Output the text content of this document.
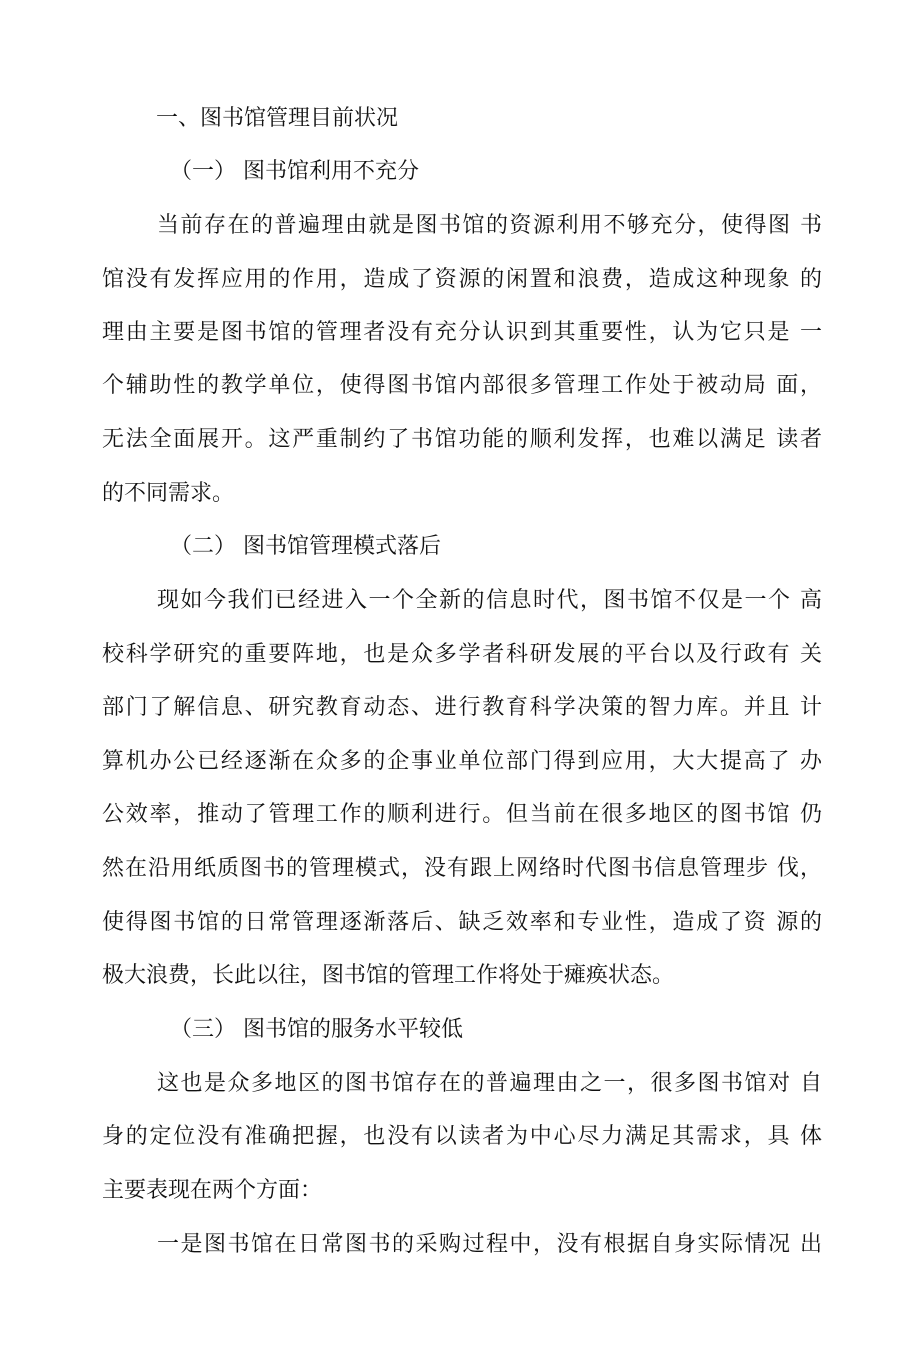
一、图书馆管理目前状况
（一） 图书馆利用不充分
当前存在的普遍理由就是图书馆的资源利用不够充分，使得图 书
馆没有发挥应用的作用，造成了资源的闲置和浪费，造成这种现象 的
理由主要是图书馆的管理者没有充分认识到其重要性，认为它只是 一
个辅助性的教学单位，使得图书馆内部很多管理工作处于被动局 面，
无法全面展开。这严重制约了书馆功能的顺利发挥，也难以满足 读者
的不同需求。
（二） 图书馆管理模式落后
现如今我们已经进入一个全新的信息时代，图书馆不仅是一个 高
校科学研究的重要阵地，也是众多学者科研发展的平台以及行政有 关
部门了解信息、研究教育动态、进行教育科学决策的智力库。并且 计
算机办公已经逐渐在众多的企事业单位部门得到应用，大大提高了 办
公效率，推动了管理工作的顺利进行。但当前在很多地区的图书馆 仍
然在沿用纸质图书的管理模式，没有跟上网络时代图书信息管理步 伐，
使得图书馆的日常管理逐渐落后、缺乏效率和专业性，造成了资 源的
极大浪费，长此以往，图书馆的管理工作将处于瘫痪状态。
（三） 图书馆的服务水平较低
这也是众多地区的图书馆存在的普遍理由之一，很多图书馆对 自
身的定位没有准确把握，也没有以读者为中心尽力满足其需求，具 体
主要表现在两个方面：
一是图书馆在日常图书的采购过程中，没有根据自身实际情况 出
